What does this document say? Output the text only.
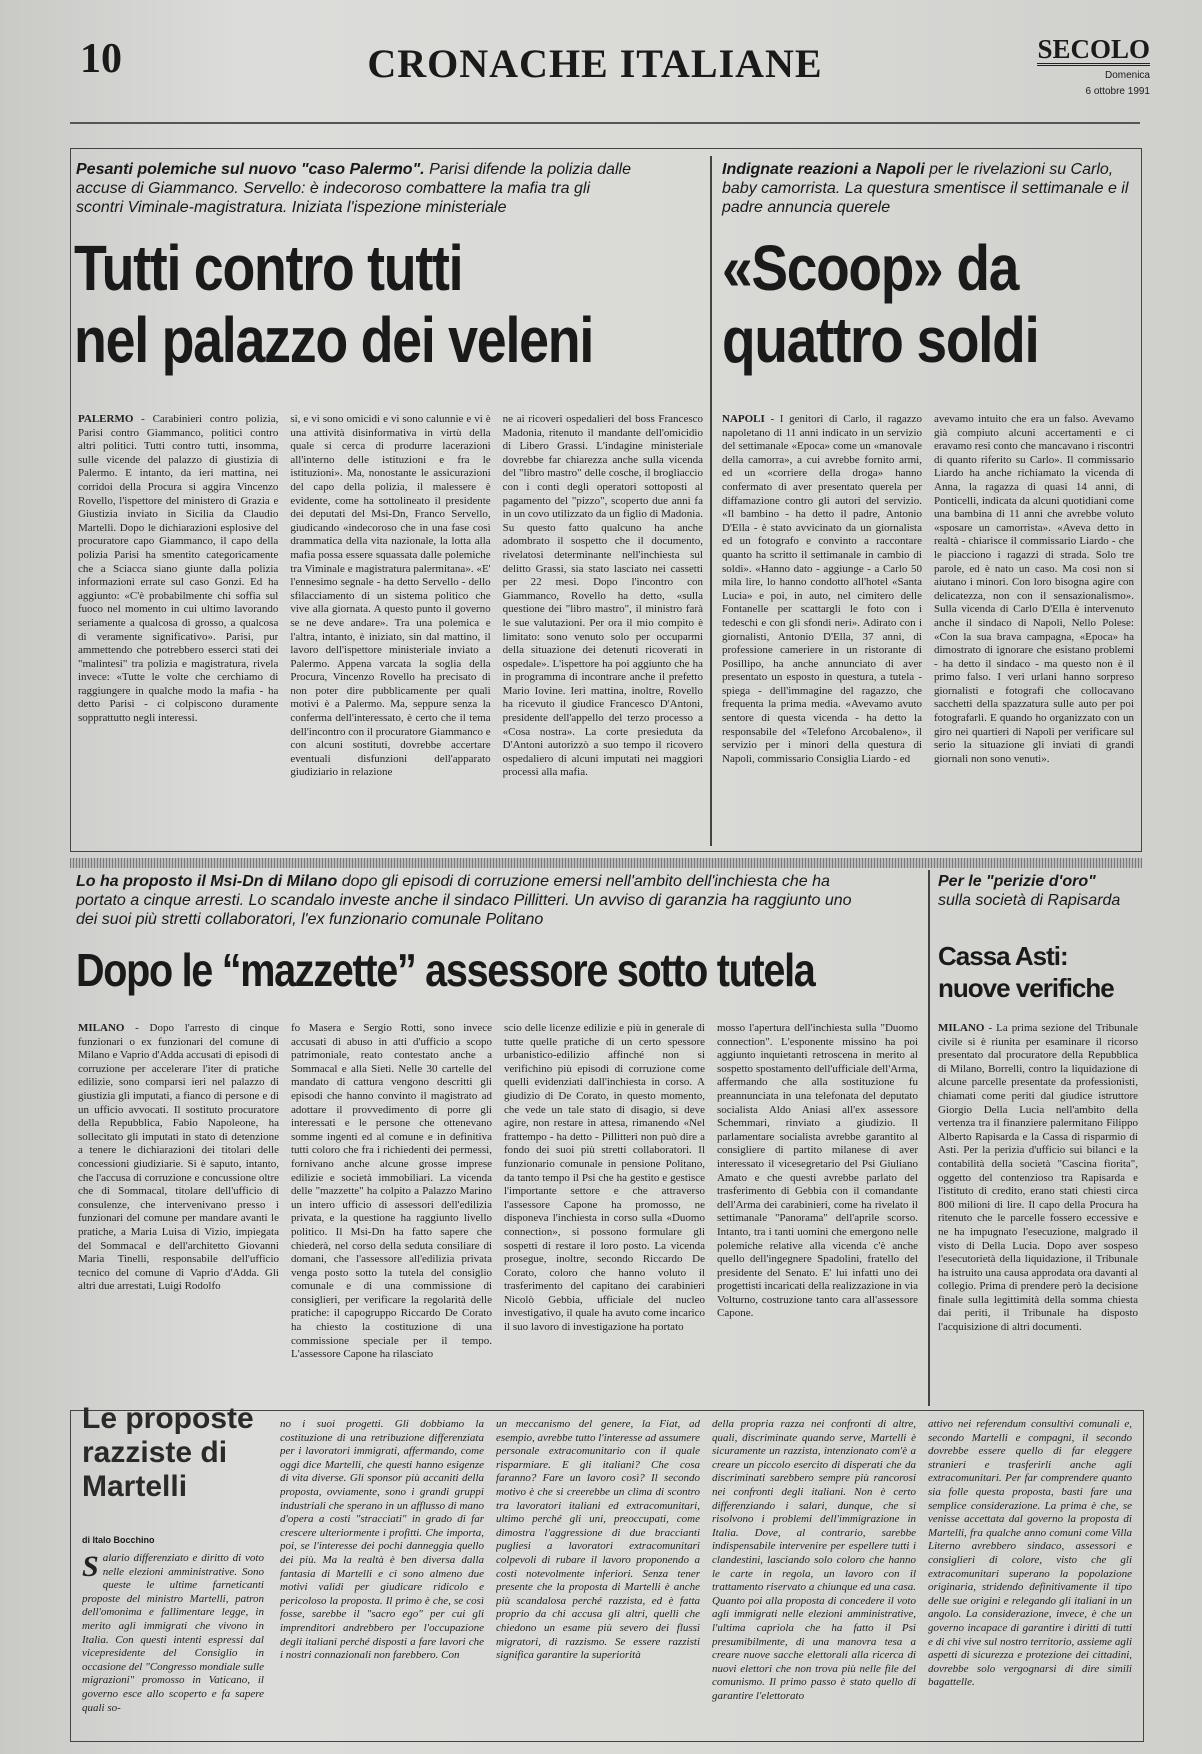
10	CRONACHE ITALIANE	SECOLO
Domenica
6 ottobre 1991
Pesanti polemiche sul nuovo "caso Palermo". Parisi difende la polizia dalle accuse di Giammanco. Servello: è indecoroso combattere la mafia tra gli scontri Viminale-magistratura. Iniziata l'ispezione ministeriale
Tutti contro tutti
nel palazzo dei veleni
PALERMO - Carabinieri contro polizia, Parisi contro Giammanco, politici contro altri politici. Tutti contro tutti, insomma, sulle vicende del palazzo di giustizia di Palermo. E intanto, da ieri mattina, nei corridoi della Procura si aggira Vincenzo Rovello, l'ispettore del ministero di Grazia e Giustizia inviato in Sicilia da Claudio Martelli. Dopo le dichiarazioni esplosive del procuratore capo Giammanco, il capo della polizia Parisi ha smentito categoricamente che a Sciacca siano giunte dalla polizia informazioni errate sul caso Gonzi. Ed ha aggiunto: «C'è probabilmente chi soffia sul fuoco nel momento in cui ultimo lavorando seriamente a qualcosa di grosso, a qualcosa di veramente significativo». Parisi, pur ammettendo che potrebbero esserci stati dei "malintesi" tra polizia e magistratura, rivela invece: «Tutte le volte che cerchiamo di raggiungere in qualche modo la mafia - ha detto Parisi - ci colpiscono duramente sopprattutto negli interessi.
si, e vi sono omicidi e vi sono calunnie e vi è una attività disinformativa in virtù della quale si cerca di produrre lacerazioni all'interno delle istituzioni e fra le istituzioni». Ma, nonostante le assicurazioni del capo della polizia, il malessere è evidente, come ha sottolineato il presidente dei deputati del Msi-Dn, Franco Servello, giudicando «indecoroso che in una fase così drammatica della vita nazionale, la lotta alla mafia possa essere squassata dalle polemiche tra Viminale e magistratura palermitana». «E' l'ennesimo segnale - ha detto Servello - dello sfilacciamento di un sistema politico che vive alla giornata. A questo punto il governo se ne deve andare». Tra una polemica e l'altra, intanto, è iniziato, sin dal mattino, il lavoro dell'ispettore ministeriale inviato a Palermo. Appena varcata la soglia della Procura, Vincenzo Rovello ha precisato di non poter dire pubblicamente per quali motivi è a Palermo. Ma, seppure senza la conferma dell'interessato, è certo che il tema dell'incontro con il procuratore Giammanco e con alcuni sostituti, dovrebbe accertare eventuali disfunzioni dell'apparato giudiziario in relazione
ne ai ricoveri ospedalieri del boss Francesco Madonia, ritenuto il mandante dell'omicidio di Libero Grassi. L'indagine ministeriale dovrebbe far chiarezza anche sulla vicenda del "libro mastro" delle cosche, il brogliaccio con i conti degli operatori sottoposti al pagamento del "pizzo", scoperto due anni fa in un covo utilizzato da un figlio di Madonia. Su questo fatto qualcuno ha anche adombrato il sospetto che il documento, rivelatosi determinante nell'inchiesta sul delitto Grassi, sia stato lasciato nei cassetti per 22 mesi. Dopo l'incontro con Giammanco, Rovello ha detto, «sulla questione dei "libro mastro", il ministro farà le sue valutazioni. Per ora il mio compito è limitato: sono venuto solo per occuparmi della situazione dei detenuti ricoverati in ospedale». L'ispettore ha poi aggiunto che ha in programma di incontrare anche il prefetto Mario Iovine. Ieri mattina, inoltre, Rovello ha ricevuto il giudice Francesco D'Antoni, presidente dell'appello del terzo processo a «Cosa nostra». La corte presieduta da D'Antoni autorizzò a suo tempo il ricovero ospedaliero di alcuni imputati nei maggiori processi alla mafia.
Indignate reazioni a Napoli per le rivelazioni su Carlo, baby camorrista. La questura smentisce il settimanale e il padre annuncia querele
«Scoop» da
quattro soldi
NAPOLI - I genitori di Carlo, il ragazzo napoletano di 11 anni indicato in un servizio del settimanale «Epoca» come un «manovale della camorra», a cui avrebbe fornito armi, ed un «corriere della droga» hanno confermato di aver presentato querela per diffamazione contro gli autori del servizio. «Il bambino - ha detto il padre, Antonio D'Ella - è stato avvicinato da un giornalista ed un fotografo e convinto a raccontare quanto ha scritto il settimanale in cambio di soldi». «Hanno dato - aggiunge - a Carlo 50 mila lire, lo hanno condotto all'hotel «Santa Lucia» e poi, in auto, nel cimitero delle Fontanelle per scattargli le foto con i tedeschi e con gli sfondi neri». Adirato con i giornalisti, Antonio D'Ella, 37 anni, di professione cameriere in un ristorante di Posillipo, ha anche annunciato di aver presentato un esposto in questura, a tutela - spiega - dell'immagine del ragazzo, che frequenta la prima media. «Avevamo avuto sentore di questa vicenda - ha detto la responsabile del «Telefono Arcobaleno», il servizio per i minori della questura di Napoli, commissario Consiglia Liardo - ed
avevamo intuito che era un falso. Avevamo già compiuto alcuni accertamenti e ci eravamo resi conto che mancavano i riscontri di quanto riferito su Carlo». Il commissario Liardo ha anche richiamato la vicenda di Anna, la ragazza di quasi 14 anni, di Ponticelli, indicata da alcuni quotidiani come una bambina di 11 anni che avrebbe voluto «sposare un camorrista». «Aveva detto in realtà - chiarisce il commissario Liardo - che le piacciono i ragazzi di strada. Solo tre parole, ed è nato un caso. Ma così non si aiutano i minori. Con loro bisogna agire con delicatezza, non con il sensazionalismo». Sulla vicenda di Carlo D'Ella è intervenuto anche il sindaco di Napoli, Nello Polese: «Con la sua brava campagna, «Epoca» ha dimostrato di ignorare che esistano problemi - ha detto il sindaco - ma questo non è il primo falso. I veri urlani hanno sorpreso giornalisti e fotografi che collocavano sacchetti della spazzatura sulle auto per poi fotografarli. E quando ho organizzato con un giro nei quartieri di Napoli per verificare sul serio la situazione gli inviati di grandi giornali non sono venuti».
Lo ha proposto il Msi-Dn di Milano dopo gli episodi di corruzione emersi nell'ambito dell'inchiesta che ha portato a cinque arresti. Lo scandalo investe anche il sindaco Pillitteri. Un avviso di garanzia ha raggiunto uno dei suoi più stretti collaboratori, l'ex funzionario comunale Politano
Dopo le “mazzette” assessore sotto tutela
MILANO - Dopo l'arresto di cinque funzionari o ex funzionari del comune di Milano e Vaprio d'Adda accusati di episodi di corruzione per accelerare l'iter di pratiche edilizie, sono comparsi ieri nel palazzo di giustizia gli imputati, a fianco di persone e di un ufficio avvocati. Il sostituto procuratore della Repubblica, Fabio Napoleone, ha sollecitato gli imputati in stato di detenzione a tenere le dichiarazioni dei titolari delle concessioni giudiziarie. Si è saputo, intanto, che l'accusa di corruzione e concussione oltre che di Sommacal, titolare dell'ufficio di consulenze, che intervenivano presso i funzionari del comune per mandare avanti le pratiche, a Maria Luisa di Vizio, impiegata del Sommacal e dell'architetto Giovanni Maria Tinelli, responsabile dell'ufficio tecnico del comune di Vaprio d'Adda. Gli altri due arrestati, Luigi Rodolfo
fo Masera e Sergio Rotti, sono invece accusati di abuso in atti d'ufficio a scopo patrimoniale, reato contestato anche a Sommacal e alla Sieti. Nelle 30 cartelle del mandato di cattura vengono descritti gli episodi che hanno convinto il magistrato ad adottare il provvedimento di porre gli interessati e le persone che ottenevano somme ingenti ed al comune e in definitiva tutti coloro che fra i richiedenti dei permessi, fornivano anche alcune grosse imprese edilizie e società immobiliari. La vicenda delle "mazzette" ha colpito a Palazzo Marino un intero ufficio di assessori dell'edilizia privata, e la questione ha raggiunto livello politico. Il Msi-Dn ha fatto sapere che chiederà, nel corso della seduta consiliare di domani, che l'assessore all'edilizia privata venga posto sotto la tutela del consiglio comunale e di una commissione di consiglieri, per verificare la regolarità delle pratiche: il capogruppo Riccardo De Corato ha chiesto la costituzione di una commissione speciale per il tempo. L'assessore Capone ha rilasciato
scio delle licenze edilizie e più in generale di tutte quelle pratiche di un certo spessore urbanistico-edilizio affinché non si verifichino più episodi di corruzione come quelli evidenziati dall'inchiesta in corso. A giudizio di De Corato, in questo momento, che vede un tale stato di disagio, si deve agire, non restare in attesa, rimanendo «Nel frattempo - ha detto - Pillitteri non può dire a fondo dei suoi più stretti collaboratori. Il funzionario comunale in pensione Politano, da tanto tempo il Psi che ha gestito e gestisce l'importante settore e che attraverso l'assessore Capone ha promosso, ne disponeva l'inchiesta in corso sulla «Duomo connection», si possono formulare gli sospetti di restare il loro posto. La vicenda prosegue, inoltre, secondo Riccardo De Corato, coloro che hanno voluto il trasferimento del capitano dei carabinieri Nicolò Gebbia, ufficiale del nucleo investigativo, il quale ha avuto come incarico il suo lavoro di investigazione ha portato
mosso l'apertura dell'inchiesta sulla "Duomo connection". L'esponente missino ha poi aggiunto inquietanti retroscena in merito al sospetto spostamento dell'ufficiale dell'Arma, affermando che alla sostituzione fu preannunciata in una telefonata del deputato socialista Aldo Aniasi all'ex assessore Schemmari, rinviato a giudizio. Il parlamentare socialista avrebbe garantito al consigliere di partito milanese di aver interessato il vicesegretario del Psi Giuliano Amato e che questi avrebbe parlato del trasferimento di Gebbia con il comandante dell'Arma dei carabinieri, come ha rivelato il settimanale "Panorama" dell'aprile scorso. Intanto, tra i tanti uomini che emergono nelle polemiche relative alla vicenda c'è anche quello dell'ingegnere Spadolini, fratello del presidente del Senato. E' lui infatti uno dei progettisti incaricati della realizzazione in via Volturno, costruzione tanto cara all'assessore Capone.
Per le "perizie d'oro"
sulla società di Rapisarda
Cassa Asti:
nuove verifiche
MILANO - La prima sezione del Tribunale civile si è riunita per esaminare il ricorso presentato dal procuratore della Repubblica di Milano, Borrelli, contro la liquidazione di alcune parcelle presentate da professionisti, chiamati come periti dal giudice istruttore Giorgio Della Lucia nell'ambito della vertenza tra il finanziere palermitano Filippo Alberto Rapisarda e la Cassa di risparmio di Asti. Per la perizia d'ufficio sui bilanci e la contabilità della società "Cascina fiorita", oggetto del contenzioso tra Rapisarda e l'istituto di credito, erano stati chiesti circa 800 milioni di lire. Il capo della Procura ha ritenuto che le parcelle fossero eccessive e ne ha impugnato l'esecuzione, malgrado il visto di Della Lucia. Dopo aver sospeso l'esecutorietà della liquidazione, il Tribunale ha istruito una causa approdata ora davanti al collegio. Prima di prendere però la decisione finale sulla legittimità della somma chiesta dai periti, il Tribunale ha disposto l'acquisizione di altri documenti.
Le proposte razziste di Martelli
di Italo Bocchino
Salario differenziato e diritto di voto nelle elezioni amministrative. Sono queste le ultime farneticanti proposte del ministro Martelli, patron dell'omonima e fallimentare legge, in merito agli immigrati che vivono in Italia. Con questi intenti espressi dal vicepresidente del Consiglio in occasione del "Congresso mondiale sulle migrazioni" promosso in Vaticano, il governo esce allo scoperto e fa sapere quali so-
no i suoi progetti. Gli dobbiamo la costituzione di una retribuzione differenziata per i lavoratori immigrati, affermando, come oggi dice Martelli, che questi hanno esigenze di vita diverse. Gli sponsor più accaniti della proposta, ovviamente, sono i grandi gruppi industriali che sperano in un afflusso di mano d'opera a costi "stracciati" in grado di far crescere ulteriormente i profitti. Che importa, poi, se l'interesse dei pochi danneggia quello dei più. Ma la realtà è ben diversa dalla fantasia di Martelli e ci sono almeno due motivi validi per giudicare ridicolo e pericoloso la proposta. Il primo è che, se così fosse, sarebbe il "sacro ego" per cui gli imprenditori andrebbero per l'occupazione degli italiani perché disposti a fare lavori che i nostri connazionali non farebbero. Con
un meccanismo del genere, la Fiat, ad esempio, avrebbe tutto l'interesse ad assumere personale extracomunitario con il quale risparmiare. E gli italiani? Che cosa faranno? Fare un lavoro così? Il secondo motivo è che si creerebbe un clima di scontro tra lavoratori italiani ed extracomunitari, ultimo perché gli uni, preoccupati, come dimostra l'aggressione di due braccianti pugliesi a lavoratori extracomunitari colpevoli di rubare il lavoro proponendo a costi notevolmente inferiori. Senza tener presente che la proposta di Martelli è anche più scandalosa perché razzista, ed è fatta proprio da chi accusa gli altri, quelli che chiedono un esame più severo dei flussi migratori, di razzismo. Se essere razzisti significa garantire la superiorità
della propria razza nei confronti di altre, quali, discriminate quando serve, Martelli è sicuramente un razzista, intenzionato com'è a creare un piccolo esercito di disperati che da discriminati sarebbero sempre più rancorosi nei confronti degli italiani. Non è certo differenziando i salari, dunque, che si risolvono i problemi dell'immigrazione in Italia. Dove, al contrario, sarebbe indispensabile intervenire per espellere tutti i clandestini, lasciando solo coloro che hanno le carte in regola, un lavoro con il trattamento riservato a chiunque ed una casa. Quanto poi alla proposta di concedere il voto agli immigrati nelle elezioni amministrative, l'ultima capriola che ha fatto il Psi presumibilmente, di una manovra tesa a creare nuove sacche elettorali alla ricerca di nuovi elettori che non trova più nelle file del comunismo. Il primo passo è stato quello di garantire l'elettorato
attivo nei referendum consultivi comunali e, secondo Martelli e compagni, il secondo dovrebbe essere quello di far eleggere stranieri e trasferirli anche agli extracomunitari. Per far comprendere quanto sia folle questa proposta, basti fare una semplice considerazione. La prima è che, se venisse accettata dal governo la proposta di Martelli, fra qualche anno comuni come Villa Literno avrebbero sindaco, assessori e consiglieri di colore, visto che gli extracomunitari superano la popolazione originaria, stridendo definitivamente il tipo delle sue origini e relegando gli italiani in un angolo. La considerazione, invece, è che un governo incapace di garantire i diritti di tutti e di chi vive sul nostro territorio, assieme agli aspetti di sicurezza e protezione dei cittadini, dovrebbe solo vergognarsi di dire simili bagattelle.
